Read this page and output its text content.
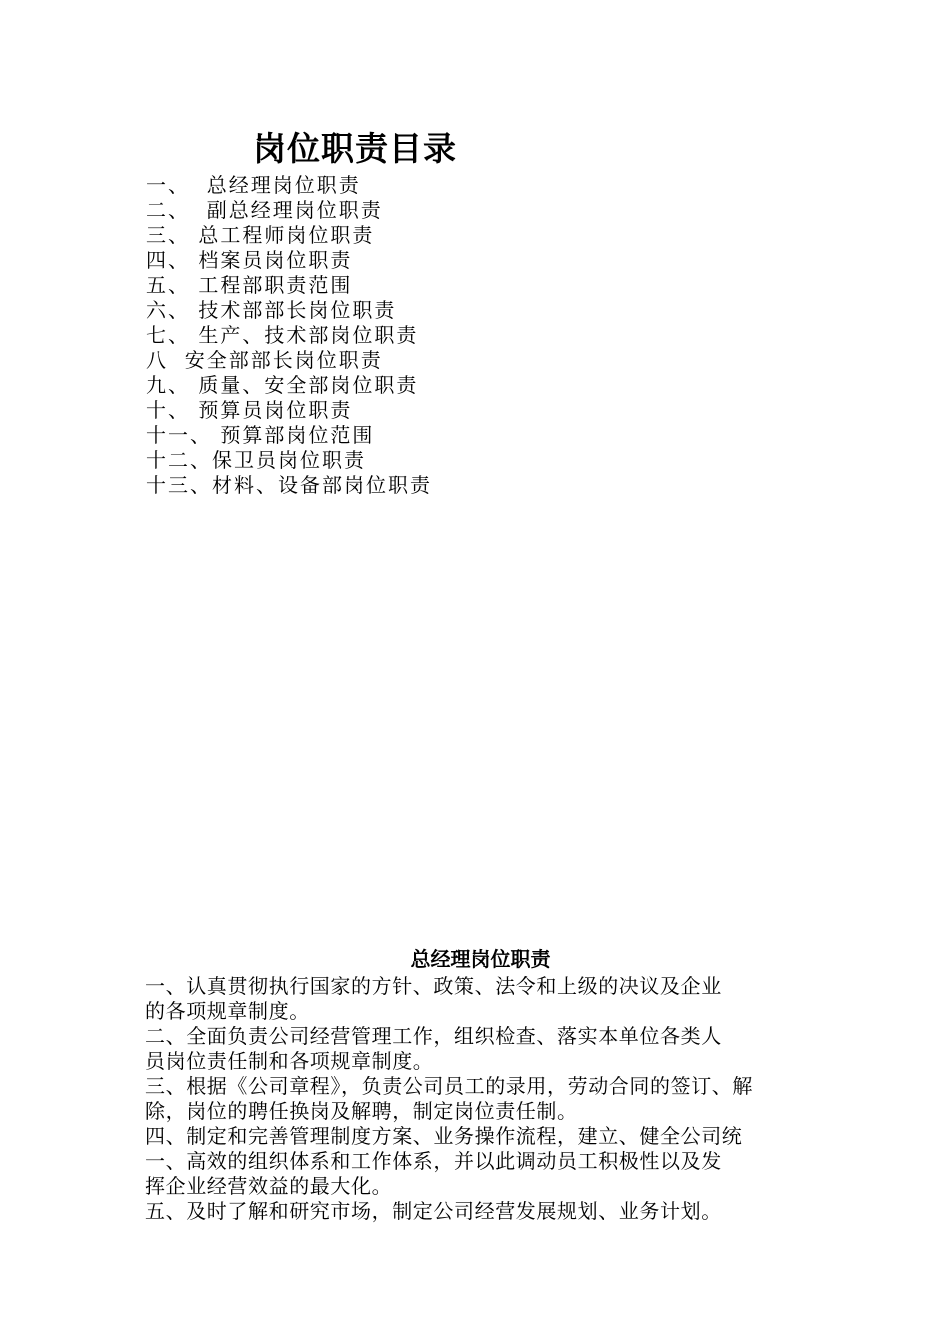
岗位职责目录
一、  总经理岗位职责
二、  副总经理岗位职责
三、 总工程师岗位职责
四、 档案员岗位职责
五、 工程部职责范围
六、 技术部部长岗位职责
七、 生产、技术部岗位职责
八  安全部部长岗位职责
九、 质量、安全部岗位职责
十、 预算员岗位职责
十一、 预算部岗位范围
十二、保卫员岗位职责
十三、材料、设备部岗位职责
总经理岗位职责

一、认真贯彻执行国家的方针、政策、法令和上级的决议及企业

的各项规章制度。

二、全面负责公司经营管理工作，组织检查、落实本单位各类人

员岗位责任制和各项规章制度。

三、根据《公司章程》，负责公司员工的录用，劳动合同的签订、解

除，岗位的聘任换岗及解聘，制定岗位责任制。

四、制定和完善管理制度方案、业务操作流程，建立、健全公司统

一、高效的组织体系和工作体系，并以此调动员工积极性以及发

挥企业经营效益的最大化。

五、及时了解和研究市场，制定公司经营发展规划、业务计划。
